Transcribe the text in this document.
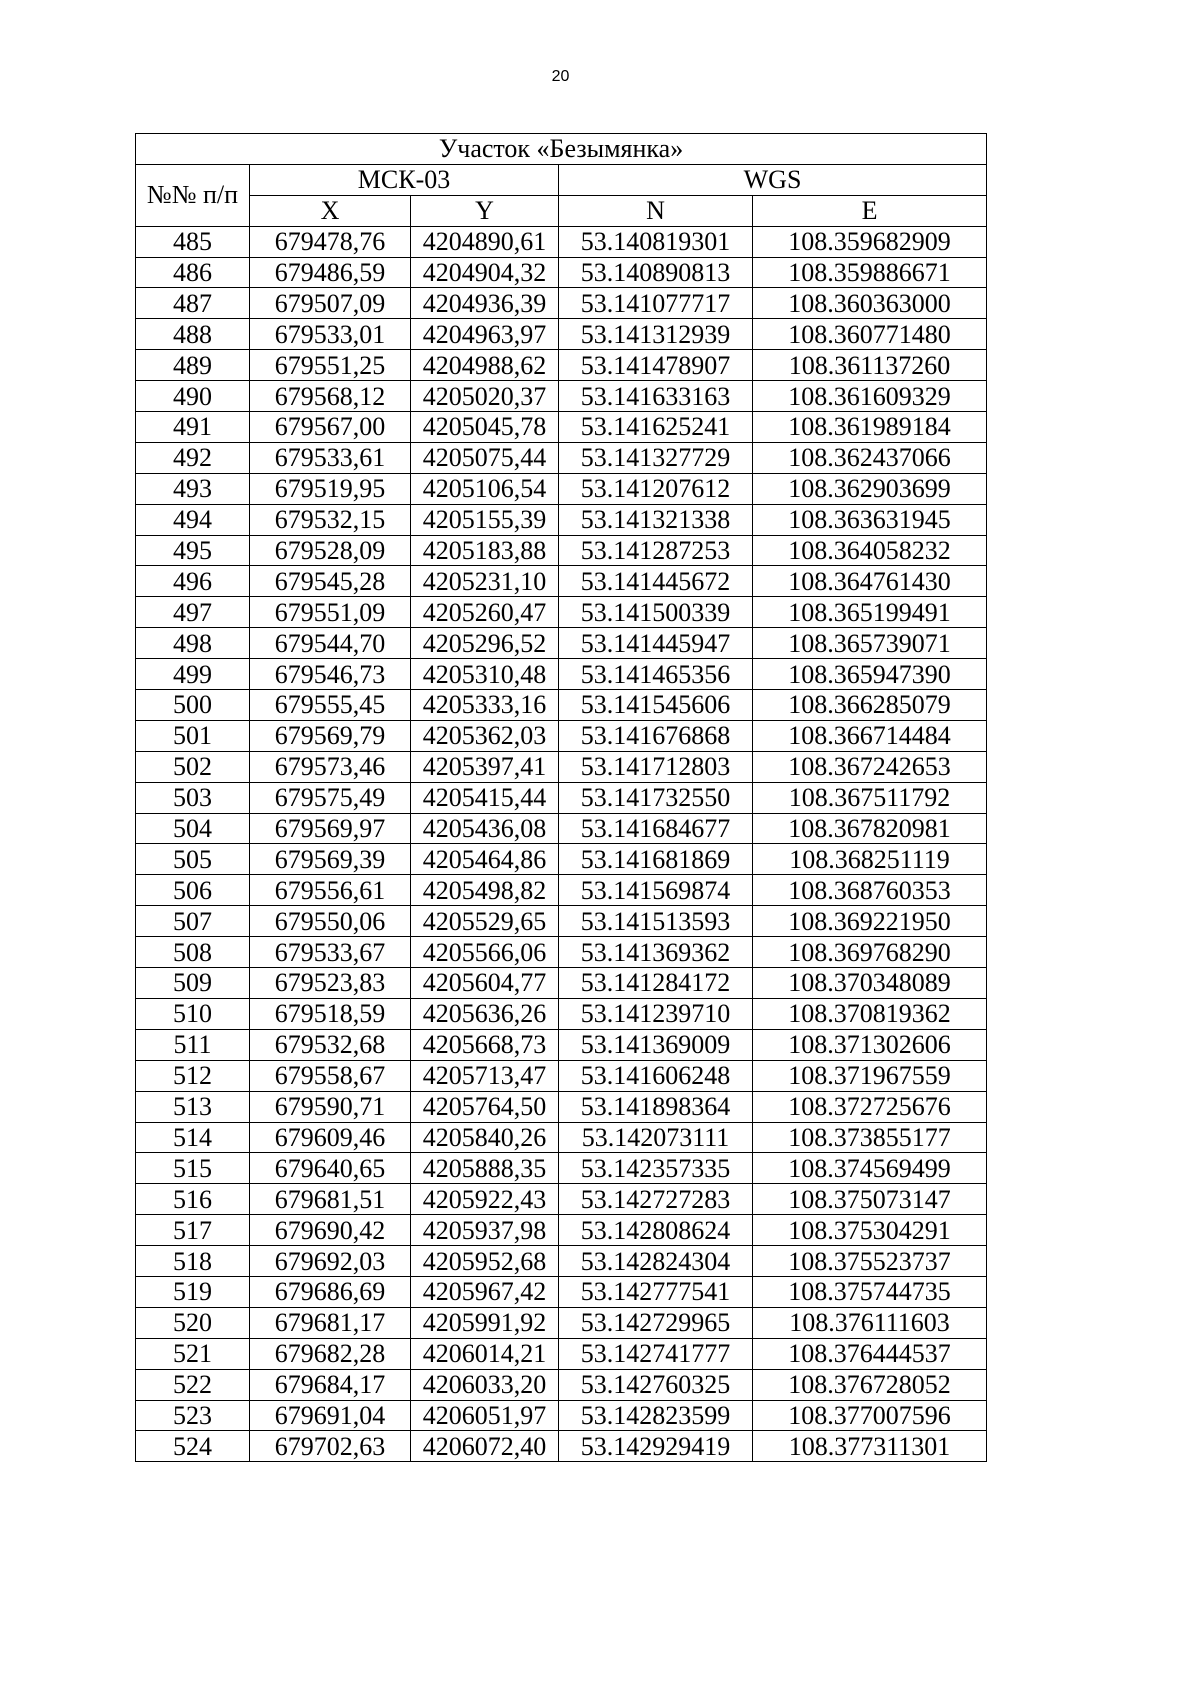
20
Участок «Безымянка»				
№№ п/п	МСК-03		WGS	
	X	Y	N	E
485	679478,76	4204890,61	53.140819301	108.359682909
486	679486,59	4204904,32	53.140890813	108.359886671
487	679507,09	4204936,39	53.141077717	108.360363000
488	679533,01	4204963,97	53.141312939	108.360771480
489	679551,25	4204988,62	53.141478907	108.361137260
490	679568,12	4205020,37	53.141633163	108.361609329
491	679567,00	4205045,78	53.141625241	108.361989184
492	679533,61	4205075,44	53.141327729	108.362437066
493	679519,95	4205106,54	53.141207612	108.362903699
494	679532,15	4205155,39	53.141321338	108.363631945
495	679528,09	4205183,88	53.141287253	108.364058232
496	679545,28	4205231,10	53.141445672	108.364761430
497	679551,09	4205260,47	53.141500339	108.365199491
498	679544,70	4205296,52	53.141445947	108.365739071
499	679546,73	4205310,48	53.141465356	108.365947390
500	679555,45	4205333,16	53.141545606	108.366285079
501	679569,79	4205362,03	53.141676868	108.366714484
502	679573,46	4205397,41	53.141712803	108.367242653
503	679575,49	4205415,44	53.141732550	108.367511792
504	679569,97	4205436,08	53.141684677	108.367820981
505	679569,39	4205464,86	53.141681869	108.368251119
506	679556,61	4205498,82	53.141569874	108.368760353
507	679550,06	4205529,65	53.141513593	108.369221950
508	679533,67	4205566,06	53.141369362	108.369768290
509	679523,83	4205604,77	53.141284172	108.370348089
510	679518,59	4205636,26	53.141239710	108.370819362
511	679532,68	4205668,73	53.141369009	108.371302606
512	679558,67	4205713,47	53.141606248	108.371967559
513	679590,71	4205764,50	53.141898364	108.372725676
514	679609,46	4205840,26	53.142073111	108.373855177
515	679640,65	4205888,35	53.142357335	108.374569499
516	679681,51	4205922,43	53.142727283	108.375073147
517	679690,42	4205937,98	53.142808624	108.375304291
518	679692,03	4205952,68	53.142824304	108.375523737
519	679686,69	4205967,42	53.142777541	108.375744735
520	679681,17	4205991,92	53.142729965	108.376111603
521	679682,28	4206014,21	53.142741777	108.376444537
522	679684,17	4206033,20	53.142760325	108.376728052
523	679691,04	4206051,97	53.142823599	108.377007596
524	679702,63	4206072,40	53.142929419	108.377311301
